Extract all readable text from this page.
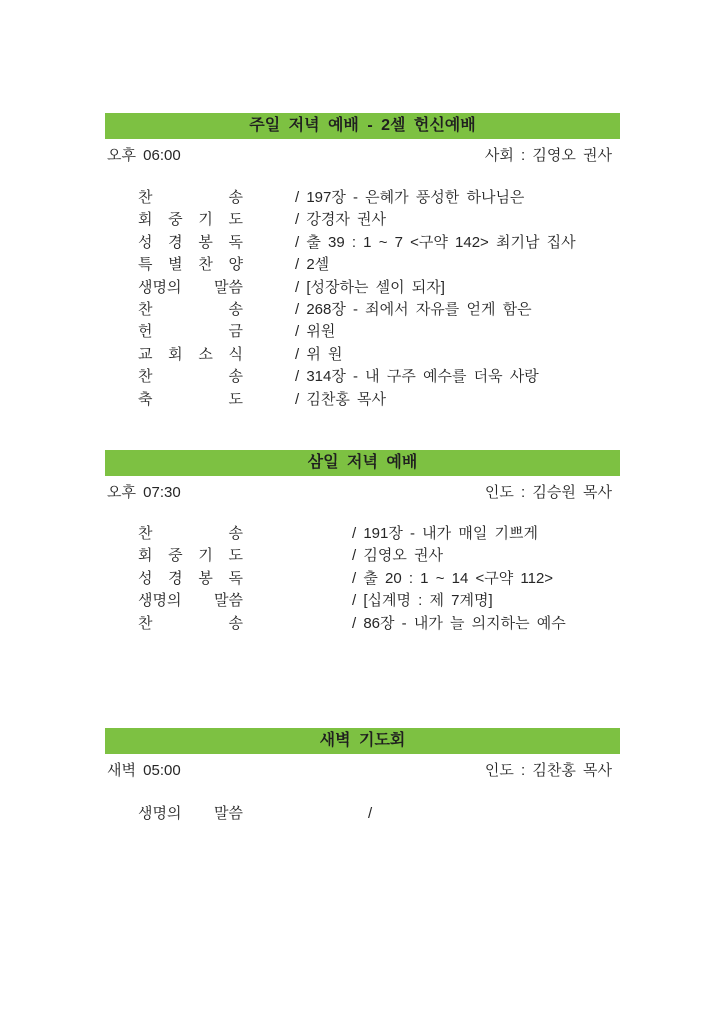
주일 저녁 예배 - 2셀 헌신예배
오후 06:00	사회 : 김영오 권사
찬 송	/ 197장 - 은혜가 풍성한 하나님은
회 중 기 도	/ 강경자 권사
성 경 봉 독	/ 출 39 : 1 ~ 7 <구약 142> 최기남 집사
특 별 찬 양	/ 2셀
생명의 말씀	/ [성장하는 셀이 되자]
찬 송	/ 268장 - 죄에서 자유를 얻게 함은
헌 금	/ 위원
교 회 소 식	/ 위 원
찬 송	/ 314장 - 내 구주 예수를 더욱 사랑
축 도	/ 김찬홍 목사
삼일 저녁 예배
오후 07:30	인도 : 김승원 목사
찬 송	/ 191장 - 내가 매일 기쁘게
회 중 기 도	/ 김영오 권사
성 경 봉 독	/ 출 20 : 1 ~ 14 <구약 112>
생명의 말씀	/ [십계명 : 제 7계명]
찬 송	/ 86장 - 내가 늘 의지하는 예수
새벽 기도회
새벽 05:00	인도 : 김찬홍 목사
생명의 말씀	/
